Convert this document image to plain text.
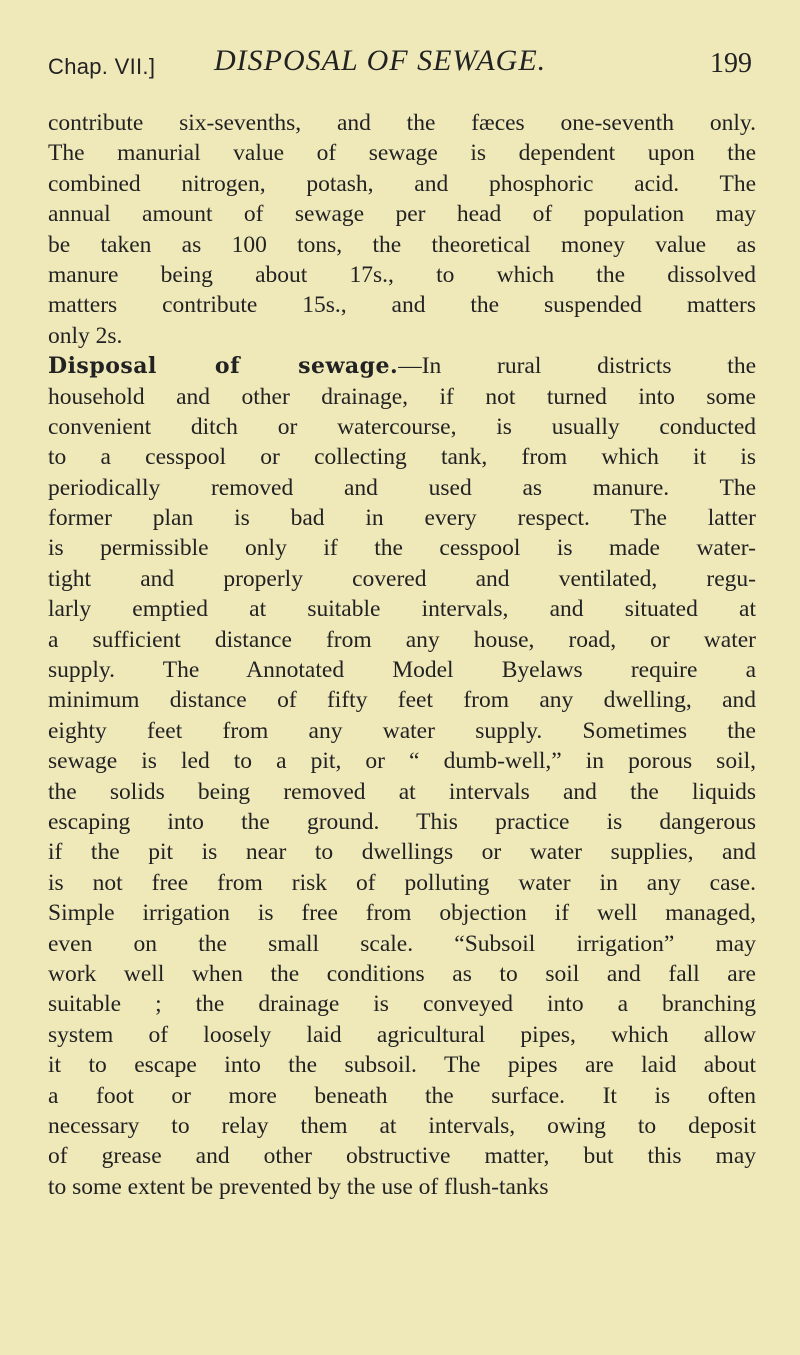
Chap. VII.] DISPOSAL OF SEWAGE.	199
contribute six-sevenths, and the fæces one-seventh only.
The manurial value of sewage is dependent upon the
combined nitrogen, potash, and phosphoric acid. The
annual amount of sewage per head of population may
be taken as 100 tons, the theoretical money value as
manure being about 17s., to which the dissolved
matters contribute 15s., and the suspended matters
only 2s.
Disposal of sewage.—In rural districts the
household and other drainage, if not turned into some
convenient ditch or watercourse, is usually conducted
to a cesspool or collecting tank, from which it is
periodically removed and used as manure. The
former plan is bad in every respect. The latter
is permissible only if the cesspool is made water-
tight and properly covered and ventilated, regu-
larly emptied at suitable intervals, and situated at
a sufficient distance from any house, road, or water
supply. The Annotated Model Byelaws require a
minimum distance of fifty feet from any dwelling, and
eighty feet from any water supply. Sometimes the
sewage is led to a pit, or “ dumb-well,” in porous soil,
the solids being removed at intervals and the liquids
escaping into the ground. This practice is dangerous
if the pit is near to dwellings or water supplies, and
is not free from risk of polluting water in any case.
Simple irrigation is free from objection if well managed,
even on the small scale. “Subsoil irrigation” may
work well when the conditions as to soil and fall are
suitable ; the drainage is conveyed into a branching
system of loosely laid agricultural pipes, which allow
it to escape into the subsoil. The pipes are laid about
a foot or more beneath the surface. It is often
necessary to relay them at intervals, owing to deposit
of grease and other obstructive matter, but this may
to some extent be prevented by the use of flush-tanks
